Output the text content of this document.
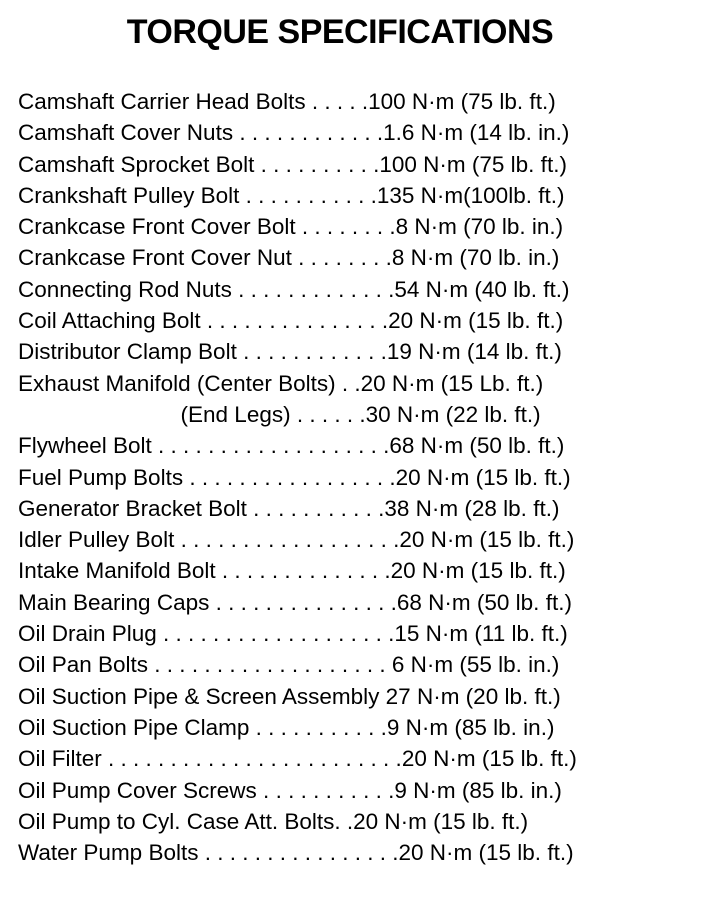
TORQUE SPECIFICATIONS
Camshaft Carrier Head Bolts . . . . .100 N·m (75 lb. ft.)
Camshaft Cover Nuts . . . . . . . . . . . .1.6 N·m (14 lb. in.)
Camshaft Sprocket Bolt . . . . . . . . . .100 N·m (75 lb. ft.)
Crankshaft Pulley Bolt . . . . . . . . . . .135 N·m(100lb. ft.)
Crankcase Front Cover Bolt . . . . . . . .8 N·m (70 lb. in.)
Crankcase Front Cover Nut . . . . . . . .8 N·m (70 lb. in.)
Connecting Rod Nuts . . . . . . . . . . . . .54 N·m (40 lb. ft.)
Coil Attaching Bolt . . . . . . . . . . . . . . .20 N·m (15 lb. ft.)
Distributor Clamp Bolt . . . . . . . . . . . .19 N·m (14 lb. ft.)
Exhaust Manifold (Center Bolts) . .20 N·m (15 Lb. ft.)
(End Legs) . . . . . .30 N·m (22 lb. ft.)
Flywheel Bolt . . . . . . . . . . . . . . . . . . .68 N·m (50 lb. ft.)
Fuel Pump Bolts . . . . . . . . . . . . . . . . .20 N·m (15 lb. ft.)
Generator Bracket Bolt . . . . . . . . . . .38 N·m (28 lb. ft.)
Idler Pulley Bolt . . . . . . . . . . . . . . . . . .20 N·m (15 lb. ft.)
Intake Manifold Bolt . . . . . . . . . . . . . .20 N·m (15 lb. ft.)
Main Bearing Caps . . . . . . . . . . . . . . .68 N·m (50 lb. ft.)
Oil Drain Plug . . . . . . . . . . . . . . . . . . .15 N·m (11 lb. ft.)
Oil Pan Bolts . . . . . . . . . . . . . . . . . . . 6 N·m (55 lb. in.)
Oil Suction Pipe & Screen Assembly 27 N·m (20 lb. ft.)
Oil Suction Pipe Clamp . . . . . . . . . . .9 N·m (85 lb. in.)
Oil Filter . . . . . . . . . . . . . . . . . . . . . . . .20 N·m (15 lb. ft.)
Oil Pump Cover Screws . . . . . . . . . . .9 N·m (85 lb. in.)
Oil Pump to Cyl. Case Att. Bolts. .20 N·m (15 lb. ft.)
Water Pump Bolts . . . . . . . . . . . . . . . .20 N·m (15 lb. ft.)
